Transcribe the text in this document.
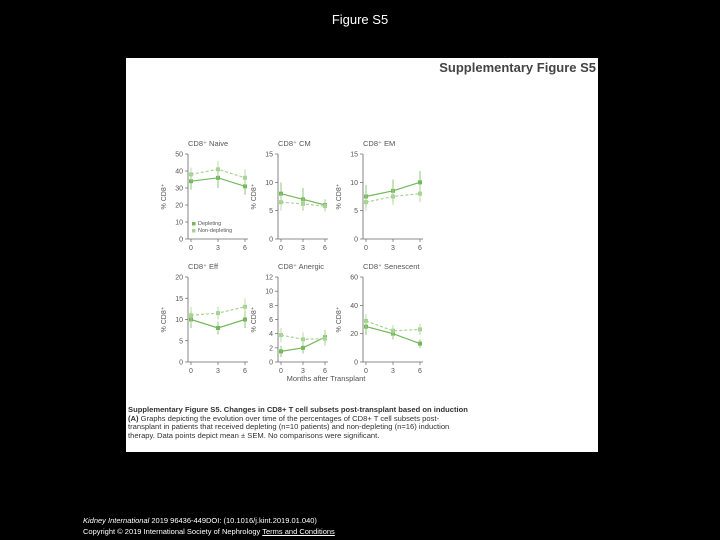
Figure S5
Supplementary Figure S5
CD8⁺ Naive
0
10
20
30
40
50
0	3	6
% CD8⁺
Depleting
Non-depleting
CD8⁺ CM
0
5
10
15
0	3	6
% CD8⁺
CD8⁺ EM
0
5
10
15
0	3	6
% CD8⁺
CD8⁺ Eff
0
5
10
15
20
0	3	6
% CD8⁺
CD8⁺ Anergic
0
2
4
6
8
10
12
0	3	6
% CD8⁺
CD8⁺ Senescent
0
20
40
60
0	3	6
% CD8⁺
Months after Transplant
Supplementary Figure S5. Changes in CD8+ T cell subsets post-transplant based on induction (A) Graphs depicting the evolution over time of the percentages of CD8+ T cell subsets post-transplant in patients that received depleting (n=10 patients) and non-depleting (n=16) induction therapy. Data points depict mean ± SEM. No comparisons were significant.
Kidney International 2019 96436-449DOI: (10.1016/j.kint.2019.01.040)
Copyright © 2019 International Society of Nephrology Terms and Conditions
